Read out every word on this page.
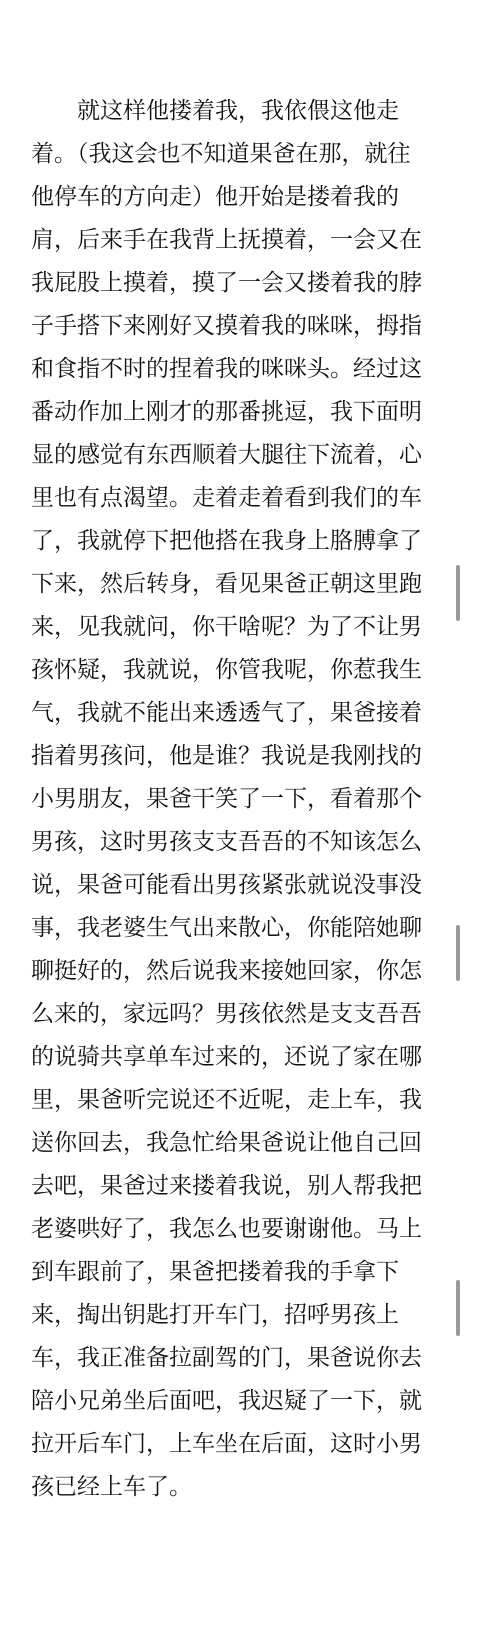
　　就这样他搂着我，我依偎这他走
着。（我这会也不知道果爸在那，就往
他停车的方向走）他开始是搂着我的
肩，后来手在我背上抚摸着，一会又在
我屁股上摸着，摸了一会又搂着我的脖
子手搭下来刚好又摸着我的咪咪，拇指
和食指不时的捏着我的咪咪头。经过这
番动作加上刚才的那番挑逗，我下面明
显的感觉有东西顺着大腿往下流着，心
里也有点渴望。走着走着看到我们的车
了，我就停下把他搭在我身上胳膊拿了
下来，然后转身，看见果爸正朝这里跑
来，见我就问，你干啥呢？为了不让男
孩怀疑，我就说，你管我呢，你惹我生
气，我就不能出来透透气了，果爸接着
指着男孩问，他是谁？我说是我刚找的
小男朋友，果爸干笑了一下，看着那个
男孩，这时男孩支支吾吾的不知该怎么
说，果爸可能看出男孩紧张就说没事没
事，我老婆生气出来散心，你能陪她聊
聊挺好的，然后说我来接她回家，你怎
么来的，家远吗？男孩依然是支支吾吾
的说骑共享单车过来的，还说了家在哪
里，果爸听完说还不近呢，走上车，我
送你回去，我急忙给果爸说让他自己回
去吧，果爸过来搂着我说，别人帮我把
老婆哄好了，我怎么也要谢谢他。马上
到车跟前了，果爸把搂着我的手拿下
来，掏出钥匙打开车门，招呼男孩上
车，我正准备拉副驾的门，果爸说你去
陪小兄弟坐后面吧，我迟疑了一下，就
拉开后车门，上车坐在后面，这时小男
孩已经上车了。
